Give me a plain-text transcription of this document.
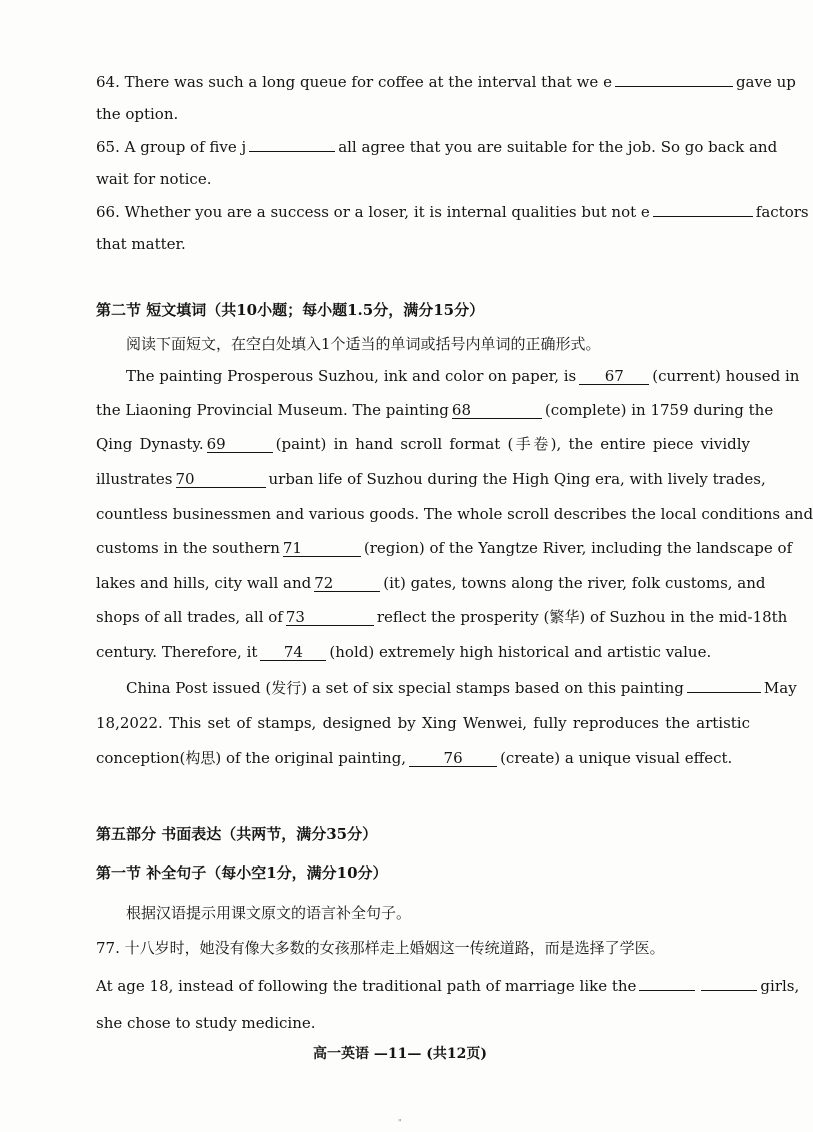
64. There was such a long queue for coffee at the interval that we e	gave up
the option.
65. A group of five j	all agree that you are suitable for the job. So go back and
wait for notice.
66. Whether you are a success or a loser, it is internal qualities but not e	factors
that matter.
第二节 短文填词（共10小题；每小题1.5分，满分15分）
阅读下面短文，在空白处填入1个适当的单词或括号内单词的正确形式。
The painting Prosperous Suzhou, ink and color on paper, is 67 (current) housed in
the Liaoning Provincial Museum. The painting 68	(complete) in 1759 during the
Qing Dynasty. 69	(paint) in hand scroll format (手卷), the entire piece vividly
illustrates 70	urban life of Suzhou during the High Qing era, with lively trades,
countless businessmen and various goods. The whole scroll describes the local conditions and
customs in the southern 71	(region) of the Yangtze River, including the landscape of
lakes and hills, city wall and 72	(it) gates, towns along the river, folk customs, and
shops of all trades, all of 73	reflect the prosperity (繁华) of Suzhou in the mid-18th
century. Therefore, it 74 (hold) extremely high historical and artistic value.
China Post issued (发行) a set of six special stamps based on this painting	May
18,2022. This set of stamps, designed by Xing Wenwei, fully reproduces the artistic
conception(构思) of the original painting, 76 (create) a unique visual effect.
第五部分 书面表达（共两节，满分35分）
第一节 补全句子（每小空1分，满分10分）
根据汉语提示用课文原文的语言补全句子。
77. 十八岁时，她没有像大多数的女孩那样走上婚姻这一传统道路，而是选择了学医。
At age 18, instead of following the traditional path of marriage like the	girls,
she chose to study medicine.
高一英语 —11— (共12页)
"
